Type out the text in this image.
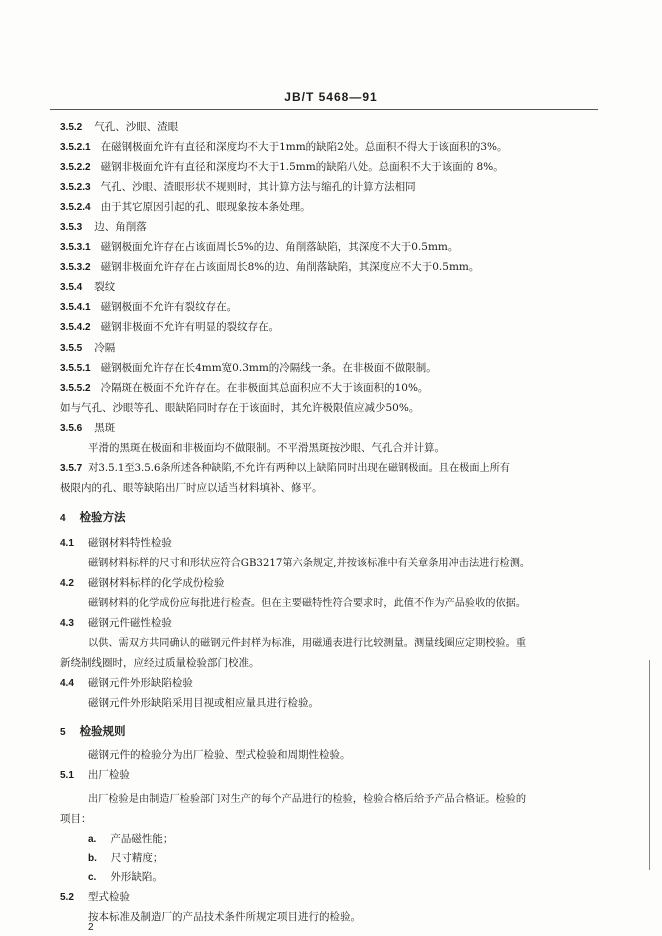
JB/T 5468—91
3.5.2 气孔、沙眼、渣眼
3.5.2.1 在磁钢极面允许有直径和深度均不大于1mm的缺陷2处。总面积不得大于该面积的3%。
3.5.2.2 磁钢非极面允许有直径和深度均不大于1.5mm的缺陷八处。总面积不大于该面的 8%。
3.5.2.3 气孔、沙眼、渣眼形状不规则时，其计算方法与缩孔的计算方法相同
3.5.2.4 由于其它原因引起的孔、眼现象按本条处理。
3.5.3 边、角削落
3.5.3.1 磁钢极面允许存在占该面周长5%的边、角削落缺陷，其深度不大于0.5mm。
3.5.3.2 磁钢非极面允许存在占该面周长8%的边、角削落缺陷，其深度应不大于0.5mm。
3.5.4 裂纹
3.5.4.1 磁钢极面不允许有裂纹存在。
3.5.4.2 磁钢非极面不允许有明显的裂纹存在。
3.5.5 冷隔
3.5.5.1 磁钢极面允许存在长4mm宽0.3mm的冷隔线一条。在非极面不做限制。
3.5.5.2 冷隔斑在极面不允许存在。在非极面其总面积应不大于该面积的10%。
如与气孔、沙眼等孔、眼缺陷同时存在于该面时，其允许极限值应减少50%。
3.5.6 黑斑
平滑的黑斑在极面和非极面均不做限制。不平滑黑斑按沙眼、气孔合并计算。
3.5.7 对3.5.1至3.5.6条所述各种缺陷,不允许有两种以上缺陷同时出现在磁钢极面。且在极面上所有
极限内的孔、眼等缺陷出厂时应以适当材料填补、修平。
4 检验方法
4.1 磁钢材料特性检验
磁钢材料标样的尺寸和形状应符合GB3217第六条规定,并按该标准中有关章条用冲击法进行检测。
4.2 磁钢材料标样的化学成份检验
磁钢材料的化学成份应每批进行检查。但在主要磁特性符合要求时，此值不作为产品验收的依据。
4.3 磁钢元件磁性检验
以供、需双方共同确认的磁钢元件封样为标准，用磁通表进行比较测量。测量线圈应定期校验。重
新绕制线圈时，应经过质量检验部门校准。
4.4 磁钢元件外形缺陷检验
磁钢元件外形缺陷采用目视或相应量具进行检验。
5 检验规则
磁钢元件的检验分为出厂检验、型式检验和周期性检验。
5.1 出厂检验
出厂检验是由制造厂检验部门对生产的每个产品进行的检验，检验合格后给予产品合格证。检验的
项目：
a. 产品磁性能；
b. 尺寸精度；
c. 外形缺陷。
5.2 型式检验
按本标准及制造厂的产品技术条件所规定项目进行的检验。
2
